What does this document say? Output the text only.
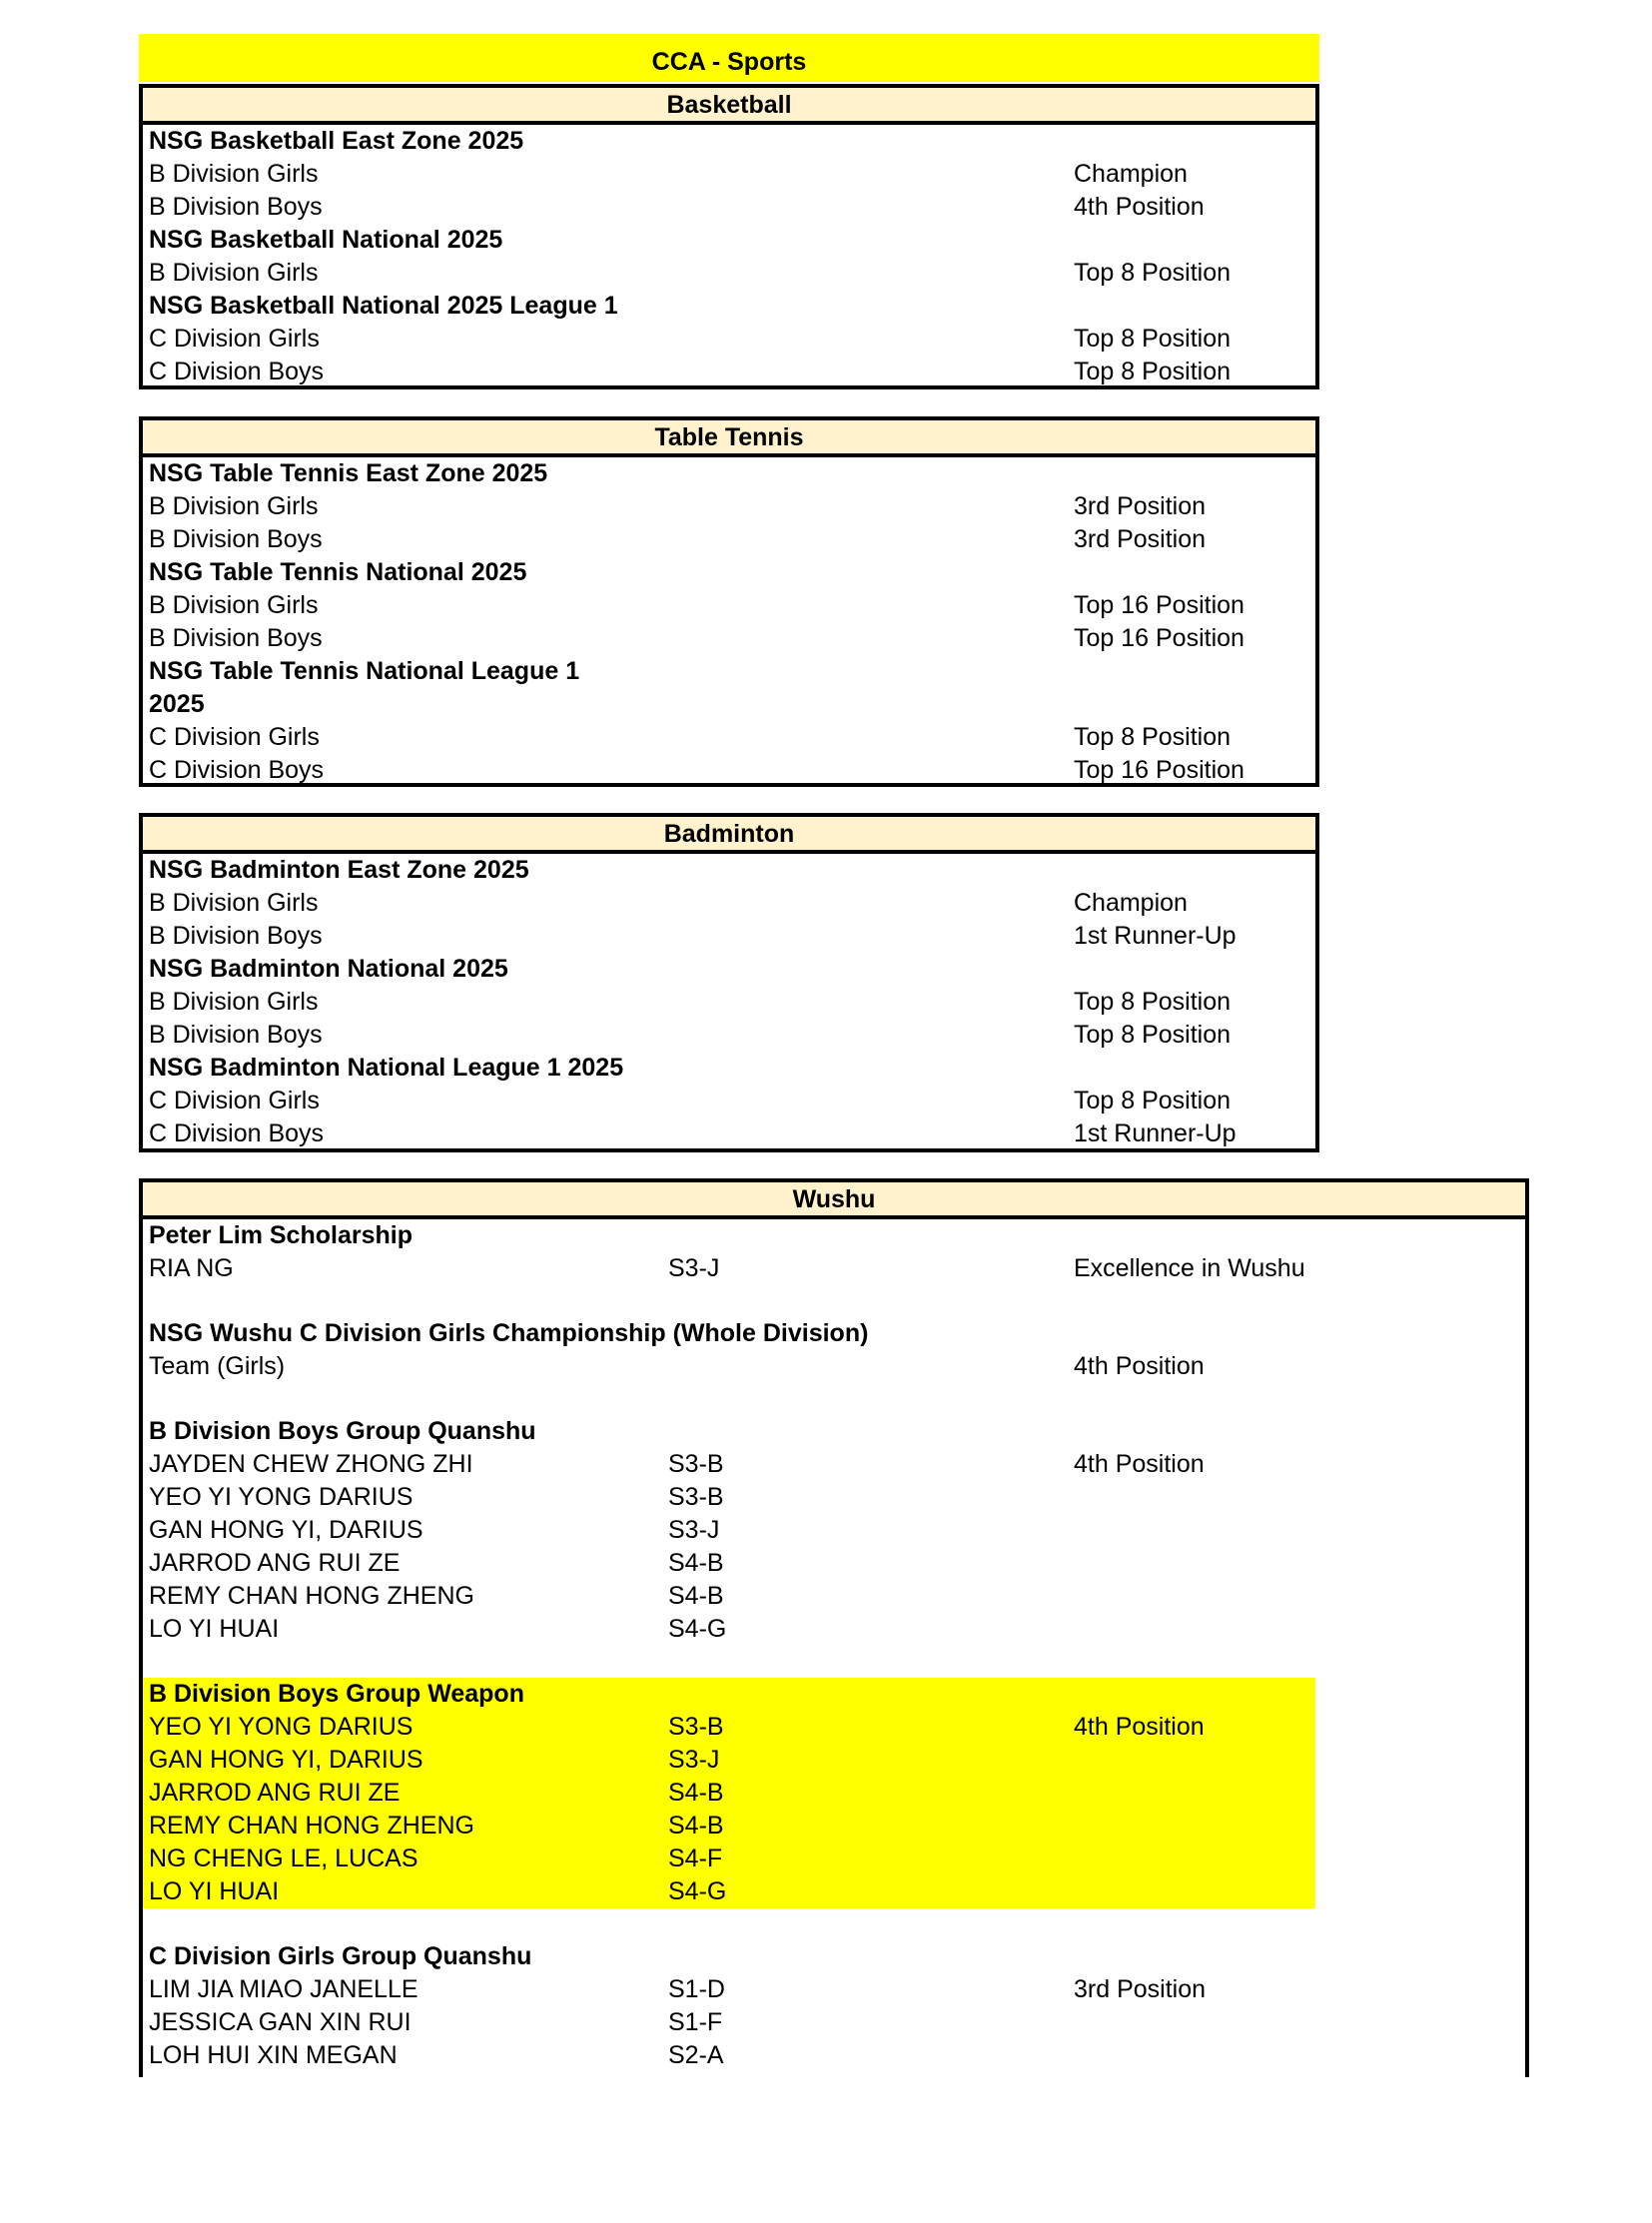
CCA - Sports
Basketball
NSG Basketball East Zone 2025
B Division Girls	Champion
B Division Boys	4th Position
NSG Basketball National 2025
B Division Girls	Top 8 Position
NSG Basketball National 2025 League 1
C Division Girls	Top 8 Position
C Division Boys	Top 8 Position
Table Tennis
NSG Table Tennis East Zone 2025
B Division Girls	3rd Position
B Division Boys	3rd Position
NSG Table Tennis National 2025
B Division Girls	Top 16 Position
B Division Boys	Top 16 Position
NSG Table Tennis National League 1 2025
C Division Girls	Top 8 Position
C Division Boys	Top 16 Position
Badminton
NSG Badminton East Zone 2025
B Division Girls	Champion
B Division Boys	1st Runner-Up
NSG Badminton National 2025
B Division Girls	Top 8 Position
B Division Boys	Top 8 Position
NSG Badminton National League 1 2025
C Division Girls	Top 8 Position
C Division Boys	1st Runner-Up
Wushu
Peter Lim Scholarship
RIA NG	S3-J	Excellence in Wushu
NSG Wushu C Division Girls Championship (Whole Division)
Team (Girls)	4th Position
B Division Boys Group Quanshu
JAYDEN CHEW ZHONG ZHI	S3-B	4th Position
YEO YI YONG DARIUS	S3-B
GAN HONG YI, DARIUS	S3-J
JARROD ANG RUI ZE	S4-B
REMY CHAN HONG ZHENG	S4-B
LO YI HUAI	S4-G
B Division Boys Group Weapon
YEO YI YONG DARIUS	S3-B	4th Position
GAN HONG YI, DARIUS	S3-J
JARROD ANG RUI ZE	S4-B
REMY CHAN HONG ZHENG	S4-B
NG CHENG LE, LUCAS	S4-F
LO YI HUAI	S4-G
C Division Girls Group Quanshu
LIM JIA MIAO JANELLE	S1-D	3rd Position
JESSICA GAN XIN RUI	S1-F
LOH HUI XIN MEGAN	S2-A
